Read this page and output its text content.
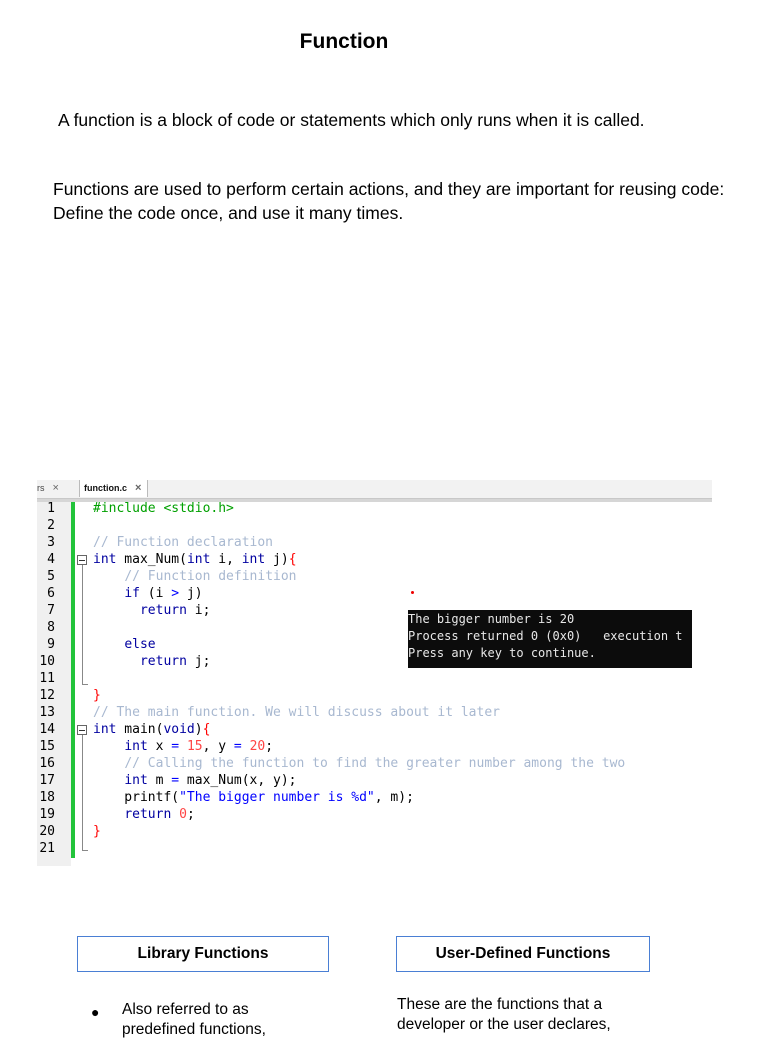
Function

A function is a block of code or statements which only runs when it is called.

Functions are used to perform certain actions, and they are important for reusing code: Define the code once, and use it many times.

rs ×	function.c ×
1	#include <stdio.h>
2
3	// Function declaration
4	int max_Num(int i, int j){
5	// Function definition
6	if (i > j)
7	return i;
8
9	else
10	return j;
11
12	}
13	// The main function. We will discuss about it later
14	int main(void){
15	int x = 15, y = 20;
16	// Calling the function to find the greater number among the two
17	int m = max_Num(x, y);
18	printf("The bigger number is %d", m);
19	return 0;
20	}
21
The bigger number is 20
Process returned 0 (0x0)   execution t
Press any key to continue.
Library Functions	User-Defined Functions
● Also referred to as
predefined functions,
These are the functions that a
developer or the user declares,
